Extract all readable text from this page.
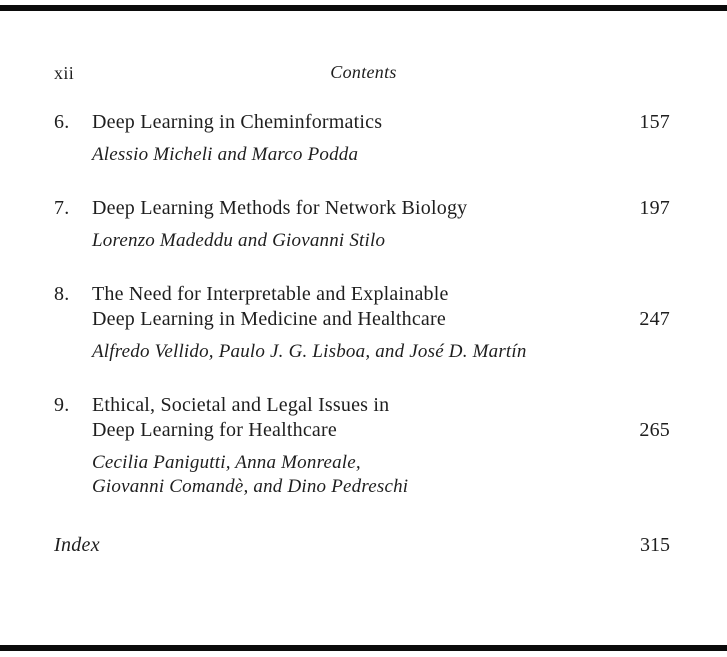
xii	Contents
6.	Deep Learning in Cheminformatics	157
Alessio Micheli and Marco Podda
7.	Deep Learning Methods for Network Biology	197
Lorenzo Madeddu and Giovanni Stilo
8.	The Need for Interpretable and Explainable
Deep Learning in Medicine and Healthcare	247
Alfredo Vellido, Paulo J. G. Lisboa, and José D. Martín
9.	Ethical, Societal and Legal Issues in
Deep Learning for Healthcare	265
Cecilia Panigutti, Anna Monreale,
Giovanni Comandè, and Dino Pedreschi
Index	315
